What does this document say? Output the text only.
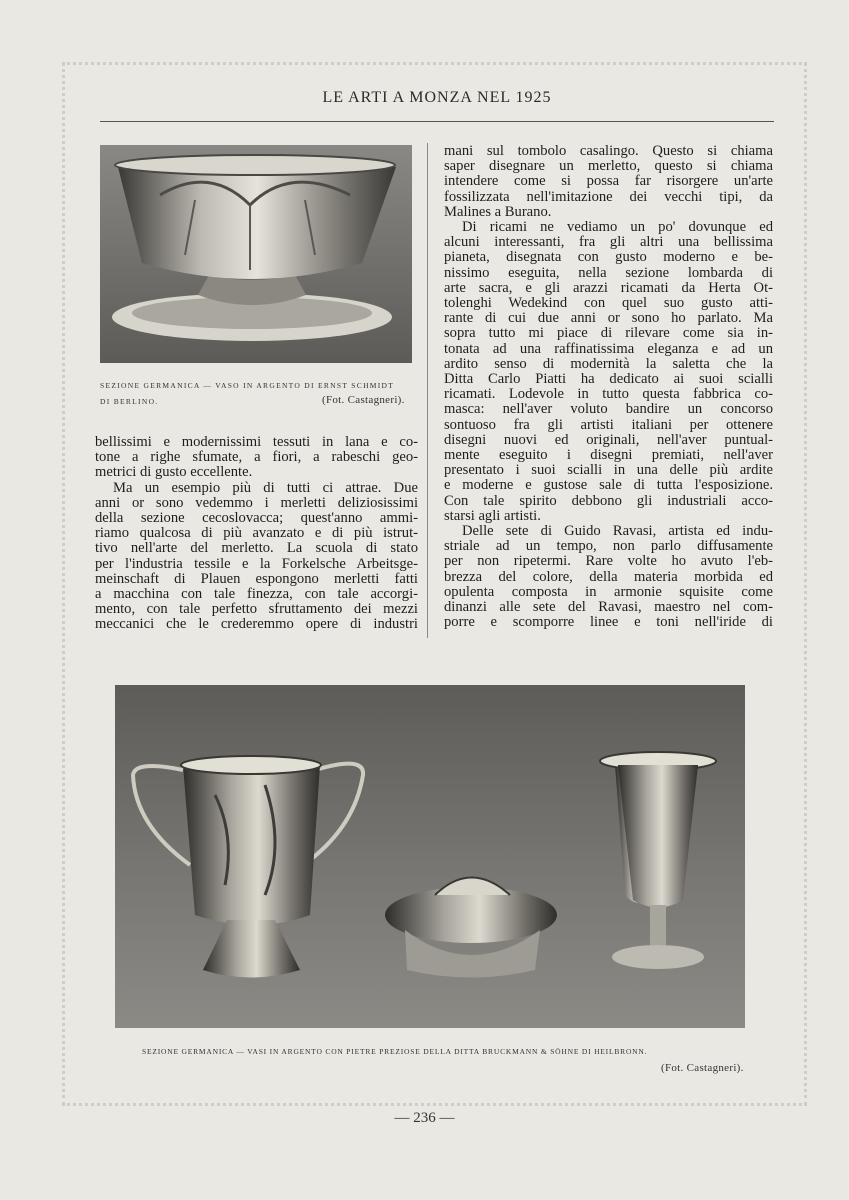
LE ARTI A MONZA NEL 1925
SEZIONE GERMANICA — VASO IN ARGENTO DI ERNST SCHMIDT
DI BERLINO.	(Fot. Castagneri).

bellissimi e modernissimi tessuti in lana e co-
tone a righe sfumate, a fiori, a rabeschi geo-
metrici di gusto eccellente.

Ma un esempio più di tutti ci attrae. Due
anni or sono vedemmo i merletti deliziosissimi
della sezione cecoslovacca; quest'anno ammi-
riamo qualcosa di più avanzato e di più istrut-
tivo nell'arte del merletto. La scuola di stato
per l'industria tessile e la Forkelsche Arbeitsge-
meinschaft di Plauen espongono merletti fatti
a macchina con tale finezza, con tale accorgi-
mento, con tale perfetto sfruttamento dei mezzi
meccanici che le crederemmo opere di industri

mani sul tombolo casalingo. Questo si chiama
saper disegnare un merletto, questo si chiama
intendere come si possa far risorgere un'arte
fossilizzata nell'imitazione dei vecchi tipi, da
Malines a Burano.

Di ricami ne vediamo un po' dovunque ed
alcuni interessanti, fra gli altri una bellissima
pianeta, disegnata con gusto moderno e be-
nissimo eseguita, nella sezione lombarda di
arte sacra, e gli arazzi ricamati da Herta Ot-
tolenghi Wedekind con quel suo gusto atti-
rante di cui due anni or sono ho parlato. Ma
sopra tutto mi piace di rilevare come sia in-
tonata ad una raffinatissima eleganza e ad un
ardito senso di modernità la saletta che la
Ditta Carlo Piatti ha dedicato ai suoi scialli
ricamati. Lodevole in tutto questa fabbrica co-
masca: nell'aver voluto bandire un concorso
sontuoso fra gli artisti italiani per ottenere
disegni nuovi ed originali, nell'aver puntual-
mente eseguito i disegni premiati, nell'aver
presentato i suoi scialli in una delle più ardite
e moderne e gustose sale di tutta l'esposizione.
Con tale spirito debbono gli industriali acco-
starsi agli artisti.

Delle sete di Guido Ravasi, artista ed indu-
striale ad un tempo, non parlo diffusamente
per non ripetermi. Rare volte ho avuto l'eb-
brezza del colore, della materia morbida ed
opulenta composta in armonie squisite come
dinanzi alle sete del Ravasi, maestro nel com-
porre e scomporre linee e toni nell'iride di

SEZIONE GERMANICA — VASI IN ARGENTO CON PIETRE PREZIOSE DELLA DITTA BRUCKMANN & SÖHNE DI HEILBRONN.
(Fot. Castagneri).
— 236 —
